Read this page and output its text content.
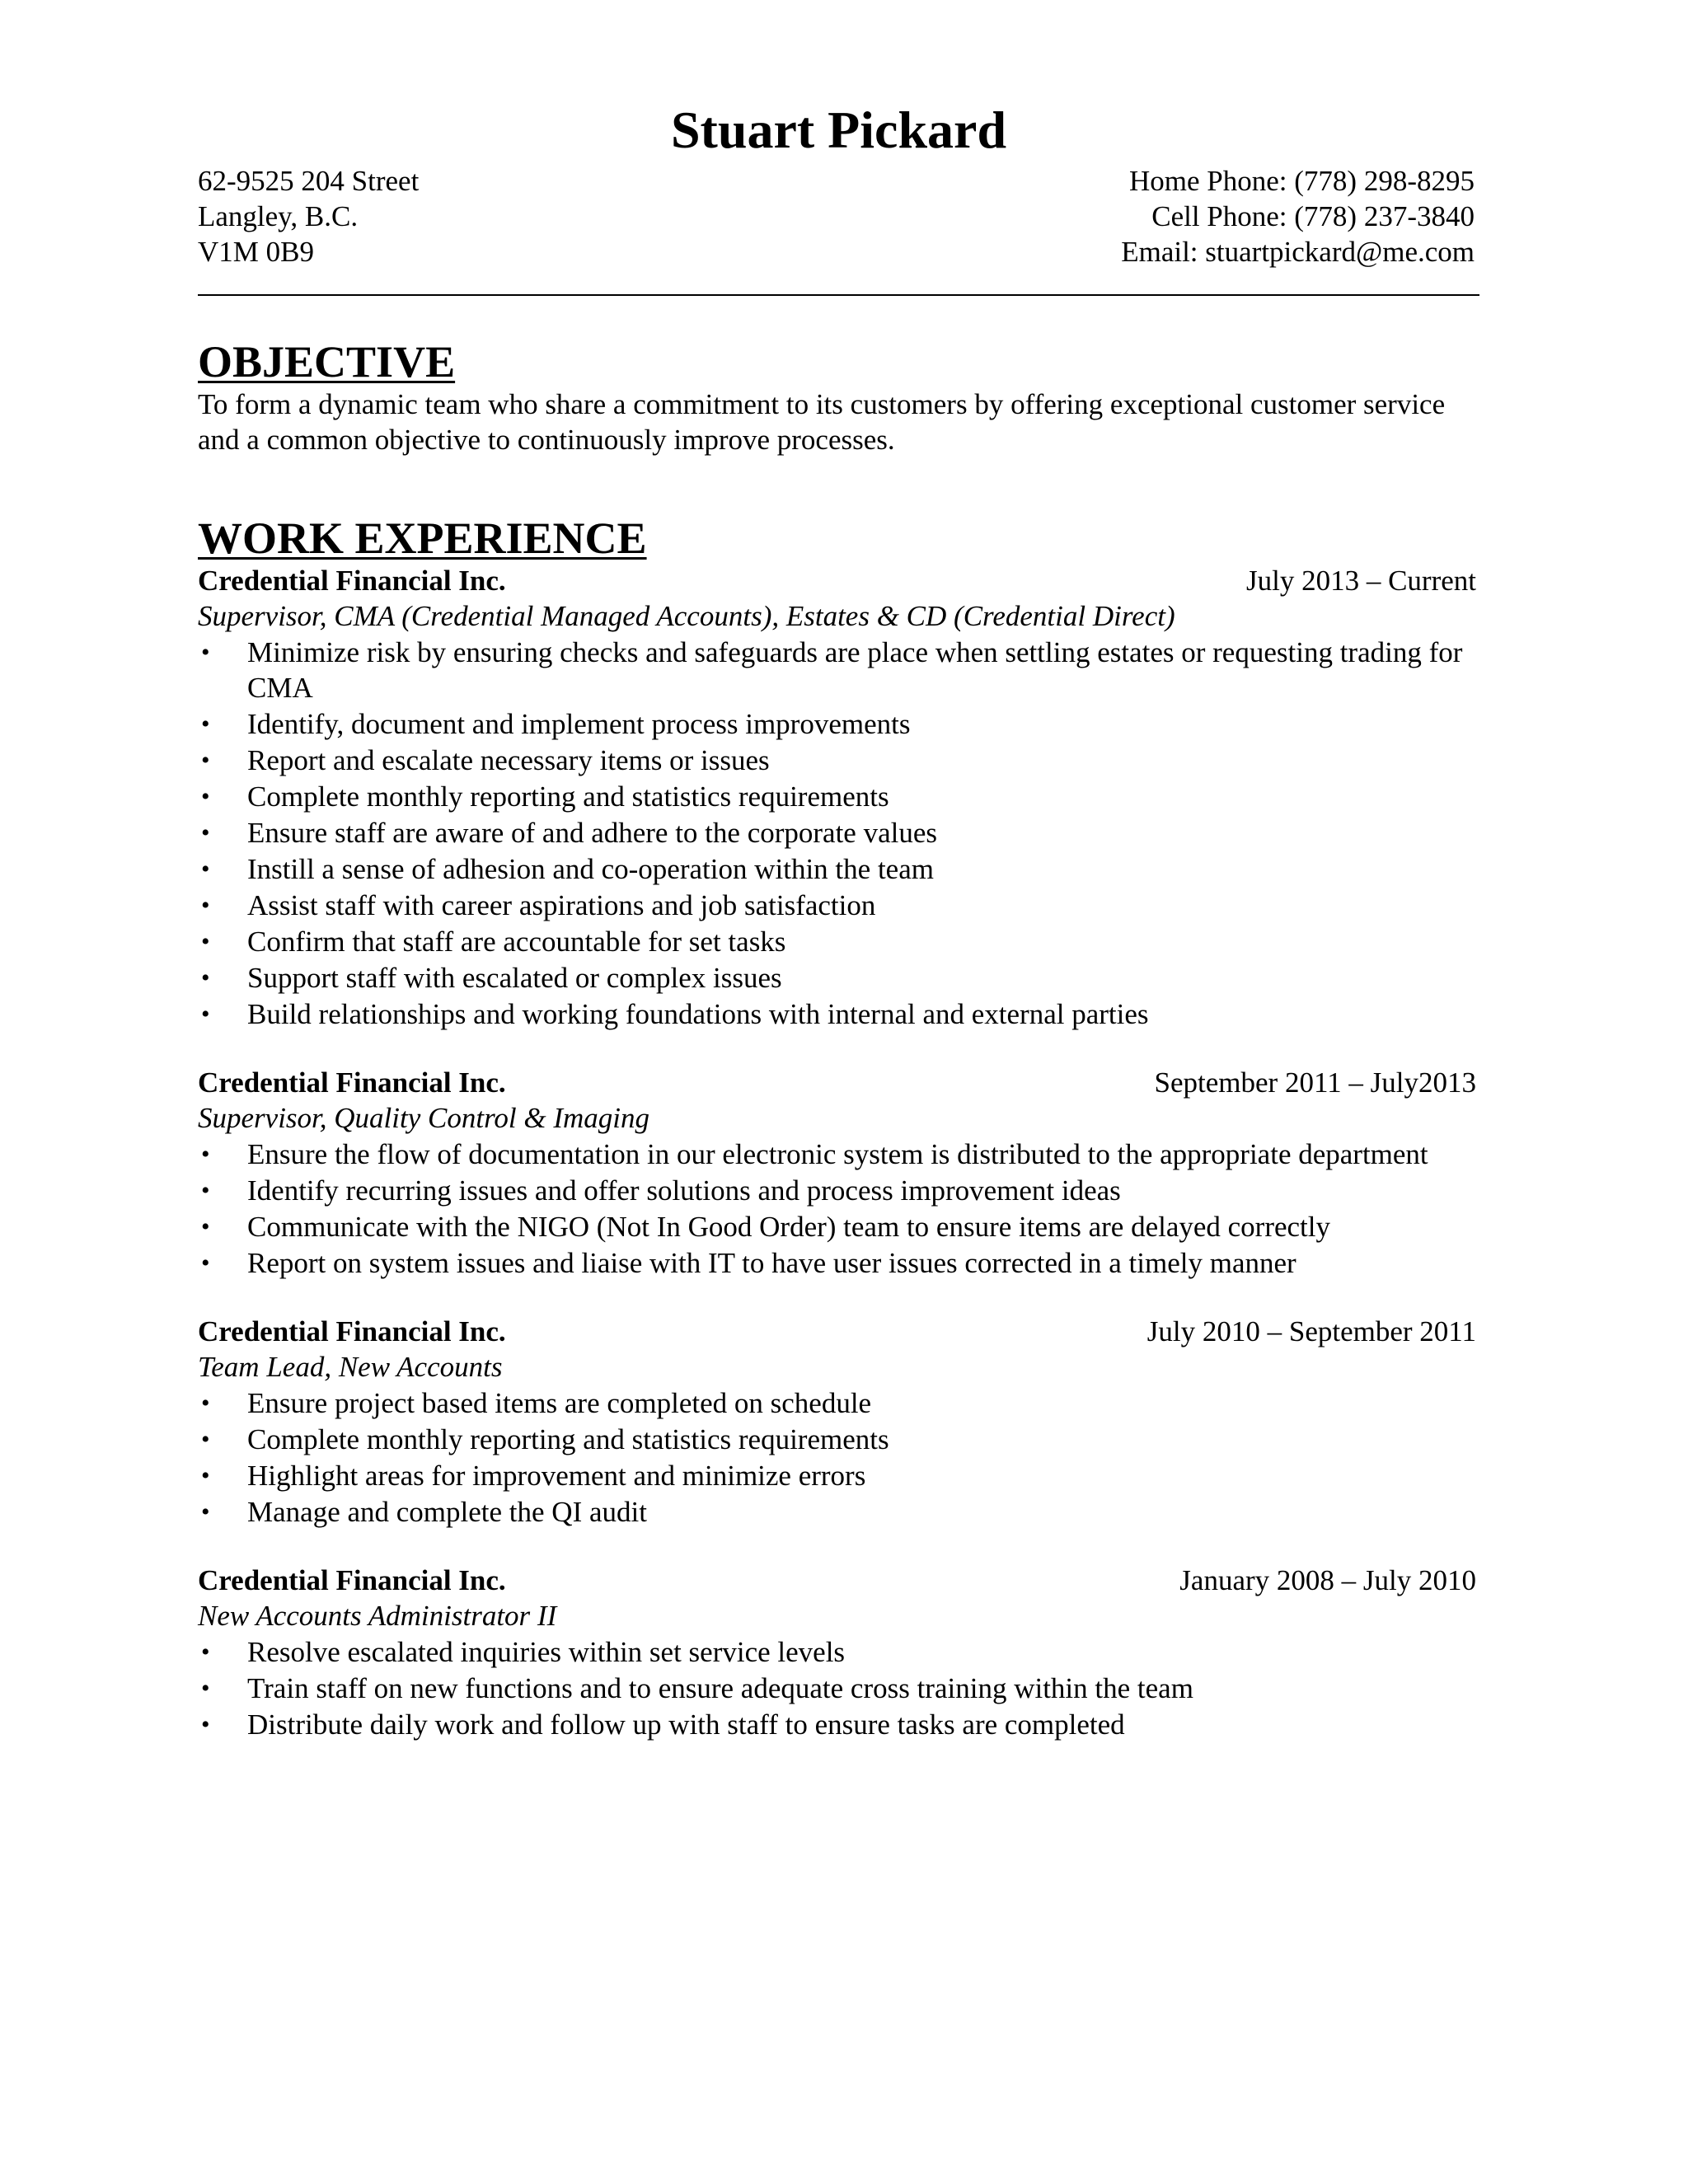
Stuart Pickard
62-9525 204 Street
Langley, B.C.
V1M 0B9
Home Phone: (778) 298-8295
Cell Phone: (778) 237-3840
Email: stuartpickard@me.com
OBJECTIVE

To form a dynamic team who share a commitment to its customers by offering exceptional customer service and a common objective to continuously improve processes.

WORK EXPERIENCE
Credential Financial Inc.	July 2013 – Current
Supervisor, CMA (Credential Managed Accounts), Estates & CD (Credential Direct)
• Minimize risk by ensuring checks and safeguards are place when settling estates or requesting trading for CMA
• Identify, document and implement process improvements
• Report and escalate necessary items or issues
• Complete monthly reporting and statistics requirements
• Ensure staff are aware of and adhere to the corporate values
• Instill a sense of adhesion and co-operation within the team
• Assist staff with career aspirations and job satisfaction
• Confirm that staff are accountable for set tasks
• Support staff with escalated or complex issues
• Build relationships and working foundations with internal and external parties
Credential Financial Inc.	September 2011 – July2013
Supervisor, Quality Control & Imaging
• Ensure the flow of documentation in our electronic system is distributed to the appropriate department
• Identify recurring issues and offer solutions and process improvement ideas
• Communicate with the NIGO (Not In Good Order) team to ensure items are delayed correctly
• Report on system issues and liaise with IT to have user issues corrected in a timely manner
Credential Financial Inc.	July 2010 – September 2011
Team Lead, New Accounts
• Ensure project based items are completed on schedule
• Complete monthly reporting and statistics requirements
• Highlight areas for improvement and minimize errors
• Manage and complete the QI audit
Credential Financial Inc.	January 2008 – July 2010
New Accounts Administrator II
• Resolve escalated inquiries within set service levels
• Train staff on new functions and to ensure adequate cross training within the team
• Distribute daily work and follow up with staff to ensure tasks are completed
